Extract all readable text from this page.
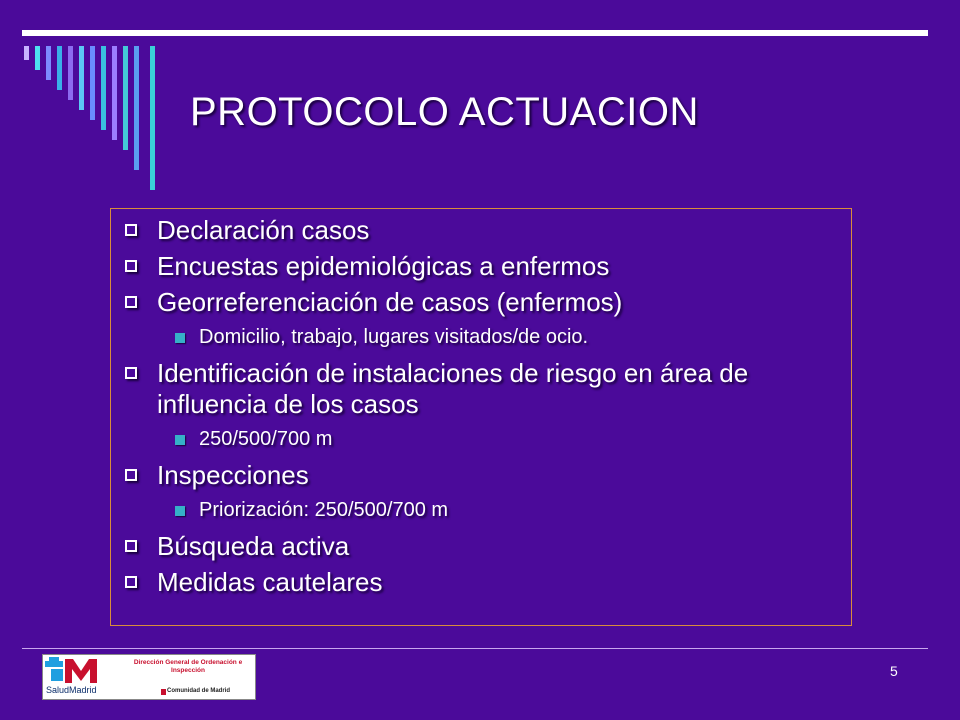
PROTOCOLO ACTUACION
Declaración casos
Encuestas epidemiológicas a enfermos
Georreferenciación de casos (enfermos)
Domicilio, trabajo, lugares visitados/de ocio.
Identificación de instalaciones de riesgo en área de influencia de los casos
250/500/700 m
Inspecciones
Priorización: 250/500/700 m
Búsqueda activa
Medidas cautelares
SaludMadrid
Dirección General de Ordenación e Inspección
Comunidad de Madrid
5
